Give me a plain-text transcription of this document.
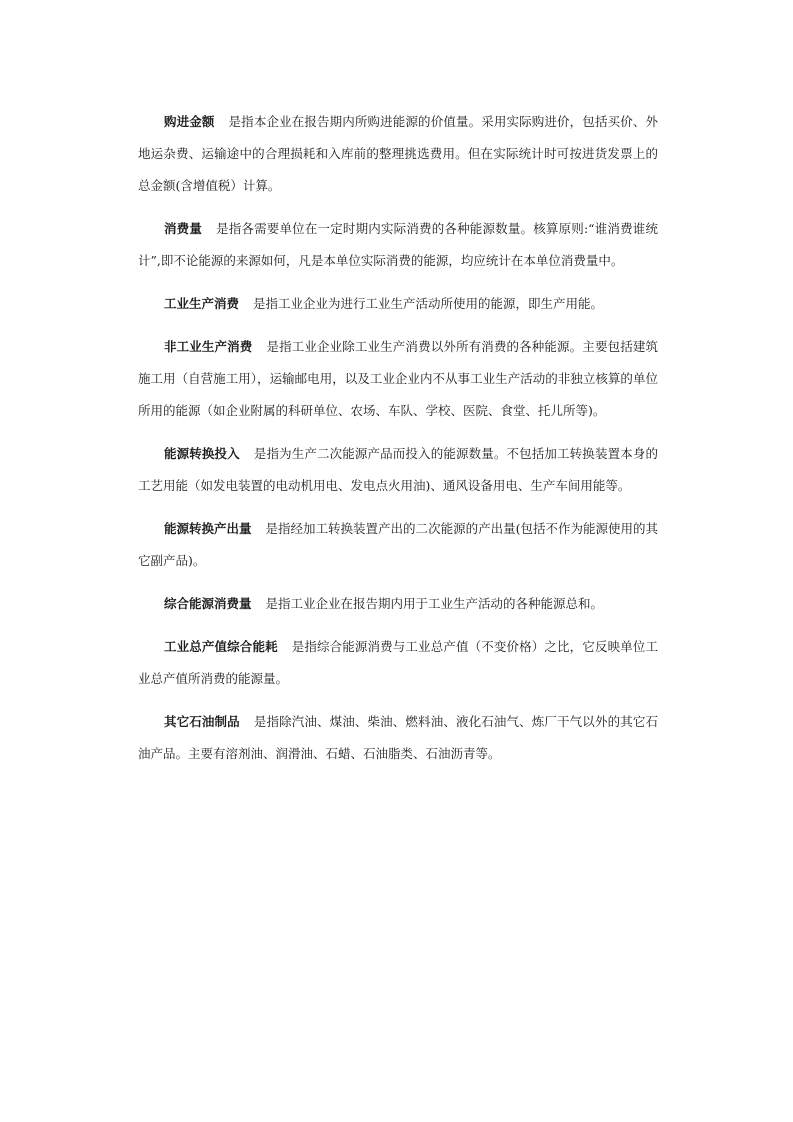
购进金额 是指本企业在报告期内所购进能源的价值量。采用实际购进价，包括买价、外地运杂费、运输途中的合理损耗和入库前的整理挑选费用。但在实际统计时可按进货发票上的总金额(含增值税）计算。

消费量 是指各需要单位在一定时期内实际消费的各种能源数量。核算原则:“谁消费谁统计”,即不论能源的来源如何，凡是本单位实际消费的能源，均应统计在本单位消费量中。

工业生产消费 是指工业企业为进行工业生产活动所使用的能源，即生产用能。

非工业生产消费 是指工业企业除工业生产消费以外所有消费的各种能源。主要包括建筑施工用（自营施工用），运输邮电用，以及工业企业内不从事工业生产活动的非独立核算的单位所用的能源（如企业附属的科研单位、农场、车队、学校、医院、食堂、托儿所等)。

能源转换投入 是指为生产二次能源产品而投入的能源数量。不包括加工转换装置本身的工艺用能（如发电装置的电动机用电、发电点火用油)、通风设备用电、生产车间用能等。

能源转换产出量 是指经加工转换装置产出的二次能源的产出量(包括不作为能源使用的其它副产品)。

综合能源消费量 是指工业企业在报告期内用于工业生产活动的各种能源总和。

工业总产值综合能耗 是指综合能源消费与工业总产值（不变价格）之比，它反映单位工业总产值所消费的能源量。

其它石油制品 是指除汽油、煤油、柴油、燃料油、液化石油气、炼厂干气以外的其它石油产品。主要有溶剂油、润滑油、石蜡、石油脂类、石油沥青等。
